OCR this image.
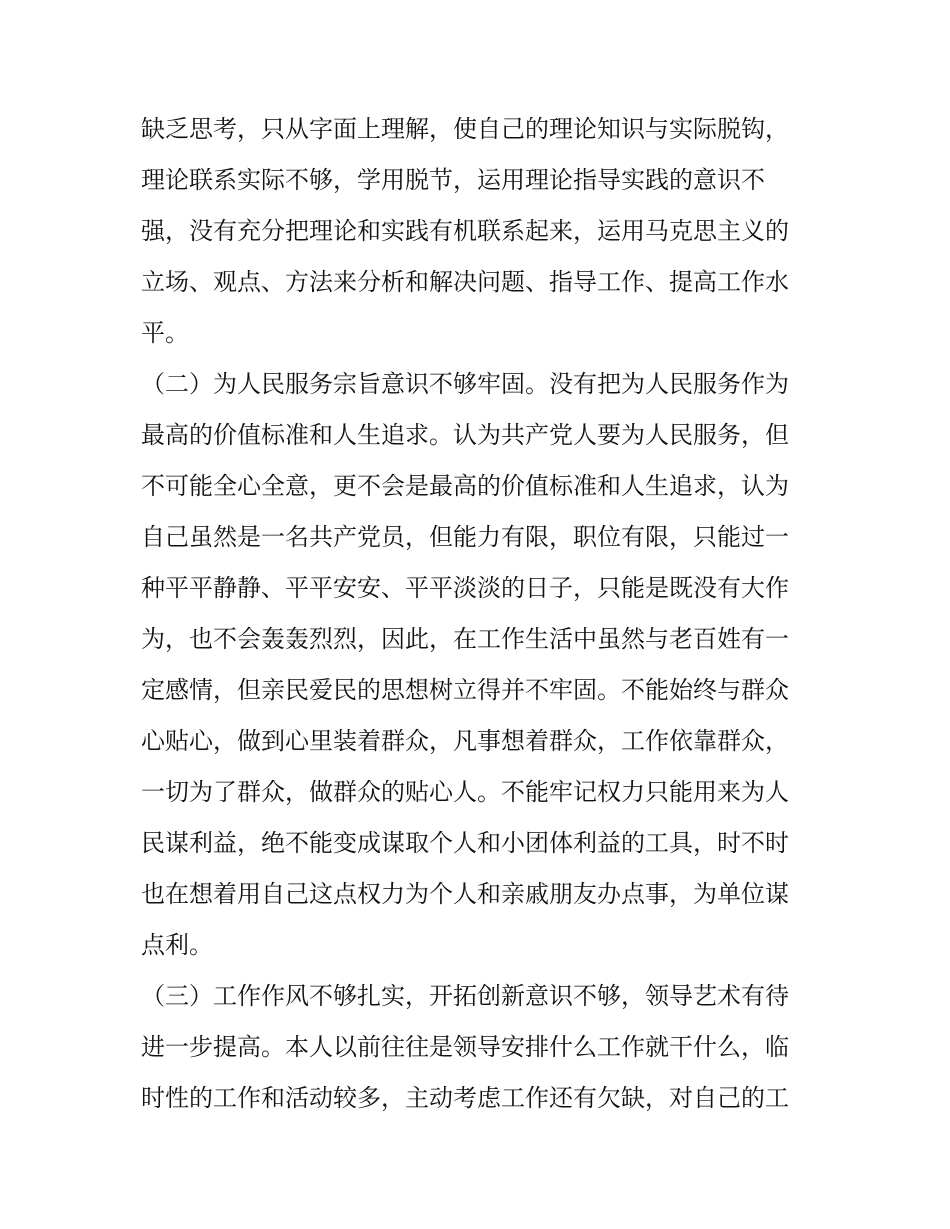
缺乏思考，只从字面上理解，使自己的理论知识与实际脱钩，
理论联系实际不够，学用脱节，运用理论指导实践的意识不
强，没有充分把理论和实践有机联系起来，运用马克思主义的
立场、观点、方法来分析和解决问题、指导工作、提高工作水
平。
（二）为人民服务宗旨意识不够牢固。没有把为人民服务作为
最高的价值标准和人生追求。认为共产党人要为人民服务，但
不可能全心全意，更不会是最高的价值标准和人生追求，认为
自己虽然是一名共产党员，但能力有限，职位有限，只能过一
种平平静静、平平安安、平平淡淡的日子，只能是既没有大作
为，也不会轰轰烈烈，因此，在工作生活中虽然与老百姓有一
定感情，但亲民爱民的思想树立得并不牢固。不能始终与群众
心贴心，做到心里装着群众，凡事想着群众，工作依靠群众，
一切为了群众，做群众的贴心人。不能牢记权力只能用来为人
民谋利益，绝不能变成谋取个人和小团体利益的工具，时不时
也在想着用自己这点权力为个人和亲戚朋友办点事，为单位谋
点利。
（三）工作作风不够扎实，开拓创新意识不够，领导艺术有待
进一步提高。本人以前往往是领导安排什么工作就干什么，临
时性的工作和活动较多，主动考虑工作还有欠缺，对自己的工
